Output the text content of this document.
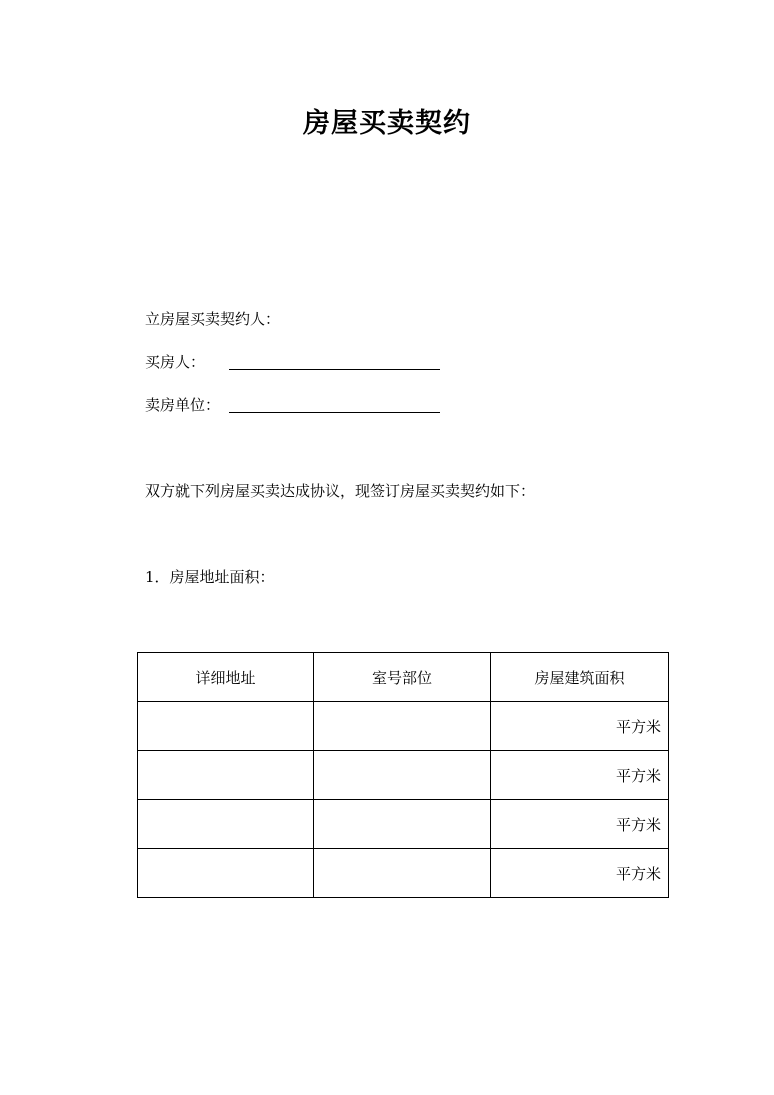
房屋买卖契约
立房屋买卖契约人：
买房人：
卖房单位：
双方就下列房屋买卖达成协议，现签订房屋买卖契约如下：
1．房屋地址面积：
详细地址	室号部位	房屋建筑面积
		平方米
		平方米
		平方米
		平方米
